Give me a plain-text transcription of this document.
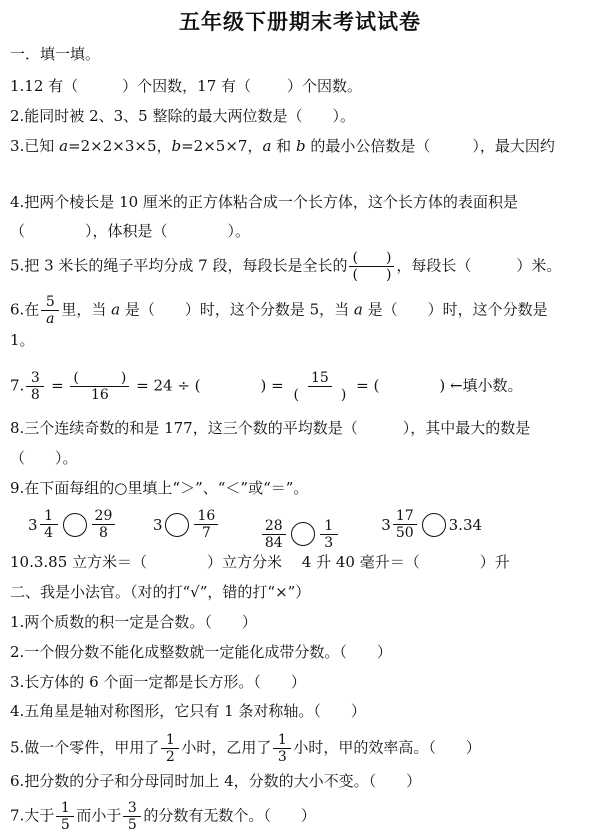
五年级下册期末考试试卷
一．填一填。
1.12 有（	）个因数，17 有（ ）个因数。
2.能同时被 2、3、5 整除的最大两位数是（　　）。
3.已知 a=2×2×3×5，b=2×5×7，a 和 b 的最小公倍数是（	），最大因约
4.把两个棱长是 10 厘米的正方体粘合成一个长方体，这个长方体的表面积是
（　　　　），体积是（　　　　）。
5.把 3 米长的绳子平均分成 7 段，每段长是全长的 $\frac{( )}{( )}$ ，每段长（　　　）米。
6.在 $\frac{5}{a}$ 里，当 a 是（　　）时，这个分数是 5，当 a 是（　　）时，这个分数是
1。
7. $\frac{3}{8} = \frac{( )}{16} = 24$ ÷ (　　　　) = $\frac{15}{( )}$ = (　　　　) ←填小数。
8.三个连续奇数的和是 177，这三个数的平均数是（　　　），其中最大的数是
（　　）。
9.在下面每组的○里填上“＞”、“＜”或“＝”。
$3 \frac{1}{4} \frac{29}{8}$
	$3 \frac{16}{7}$
	$\frac{28}{84} \frac{1}{3}$
	$3 \frac{17}{50} 3.34$
10.3.85 立方米＝（　　　　）立方分米　 4 升 40 毫升＝（　　　　）升
二、我是小法官。（对的打“√”，错的打“×”）
1.两个质数的积一定是合数。（　　）
2.一个假分数不能化成整数就一定能化成带分数。（　　）
3.长方体的 6 个面一定都是长方形。（　　）
4.五角星是轴对称图形，它只有 1 条对称轴。（　　）
5.做一个零件，甲用了 $\frac{1}{2}$ 小时，乙用了 $\frac{1}{3}$ 小时，甲的效率高。（　　）
6.把分数的分子和分母同时加上 4，分数的大小不变。（　　）
7.大于 $\frac{1}{5}$ 而小于 $\frac{3}{5}$ 的分数有无数个。（　　）
